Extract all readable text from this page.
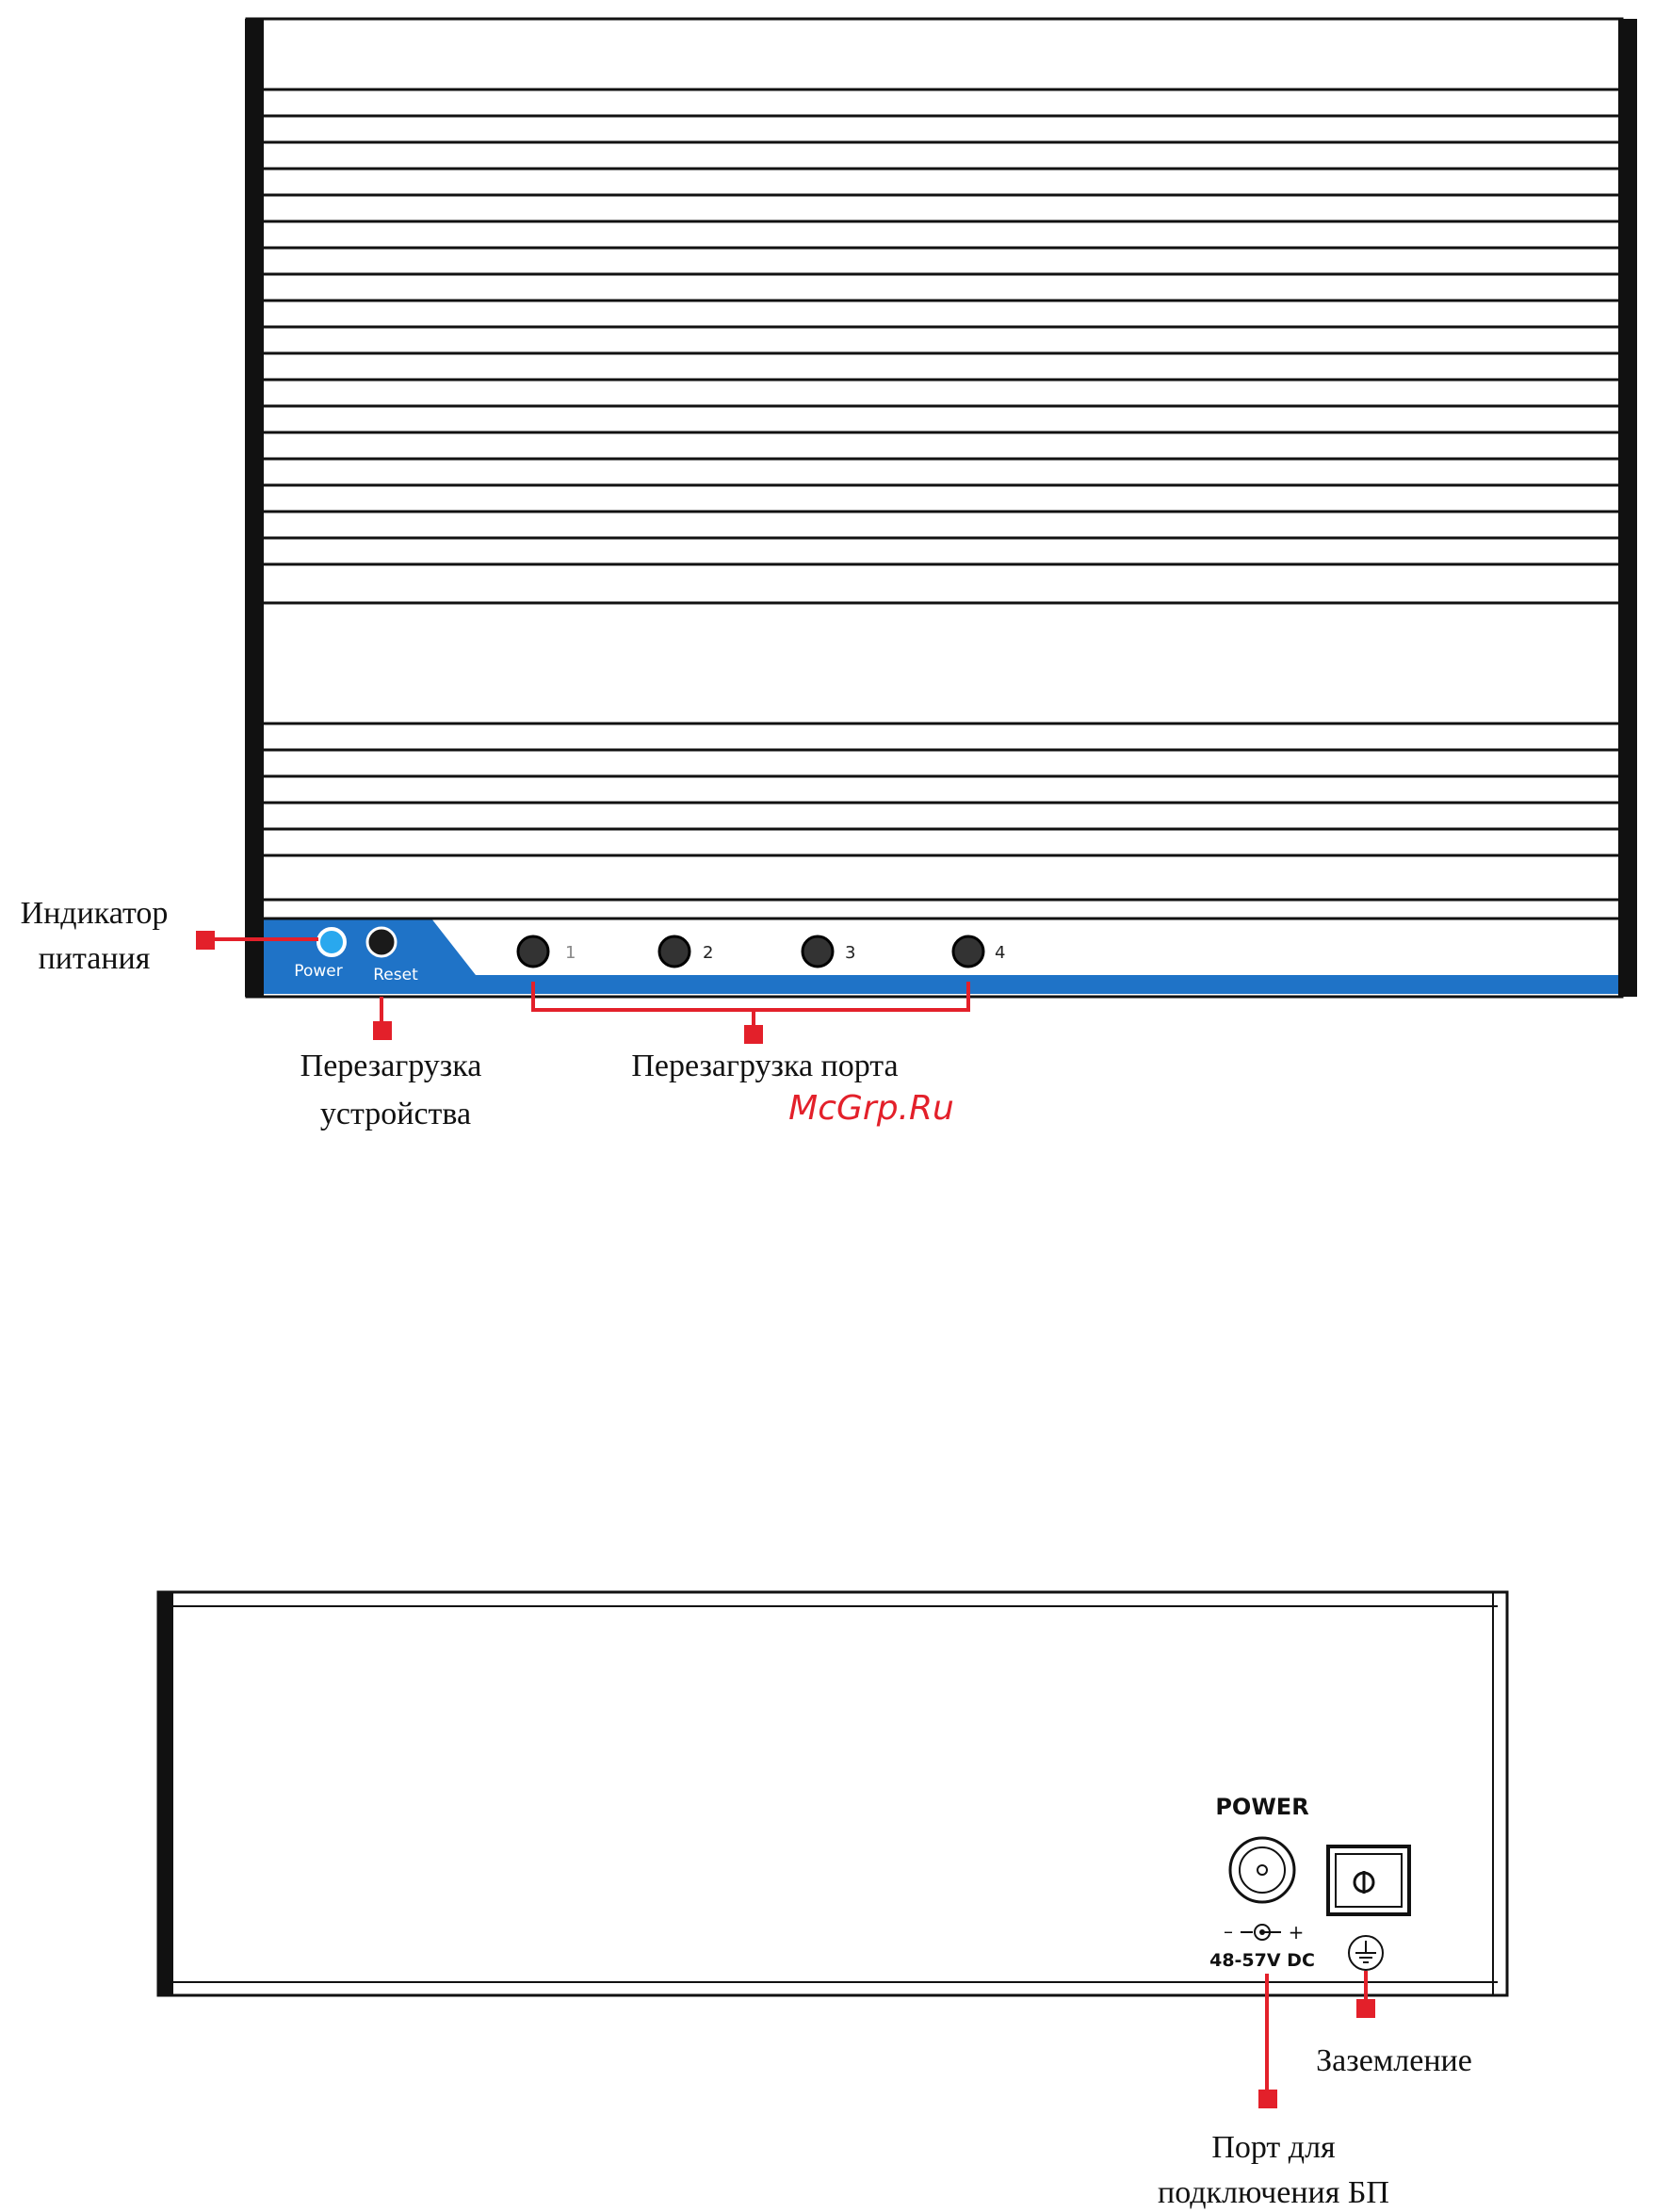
Power Reset
1	2	3	4
Индикатор
питания
Перезагрузка
устройства
Перезагрузка порта
McGrp.Ru
POWER
–	+
48-57V DC
Заземление
Порт для
подключения БП
